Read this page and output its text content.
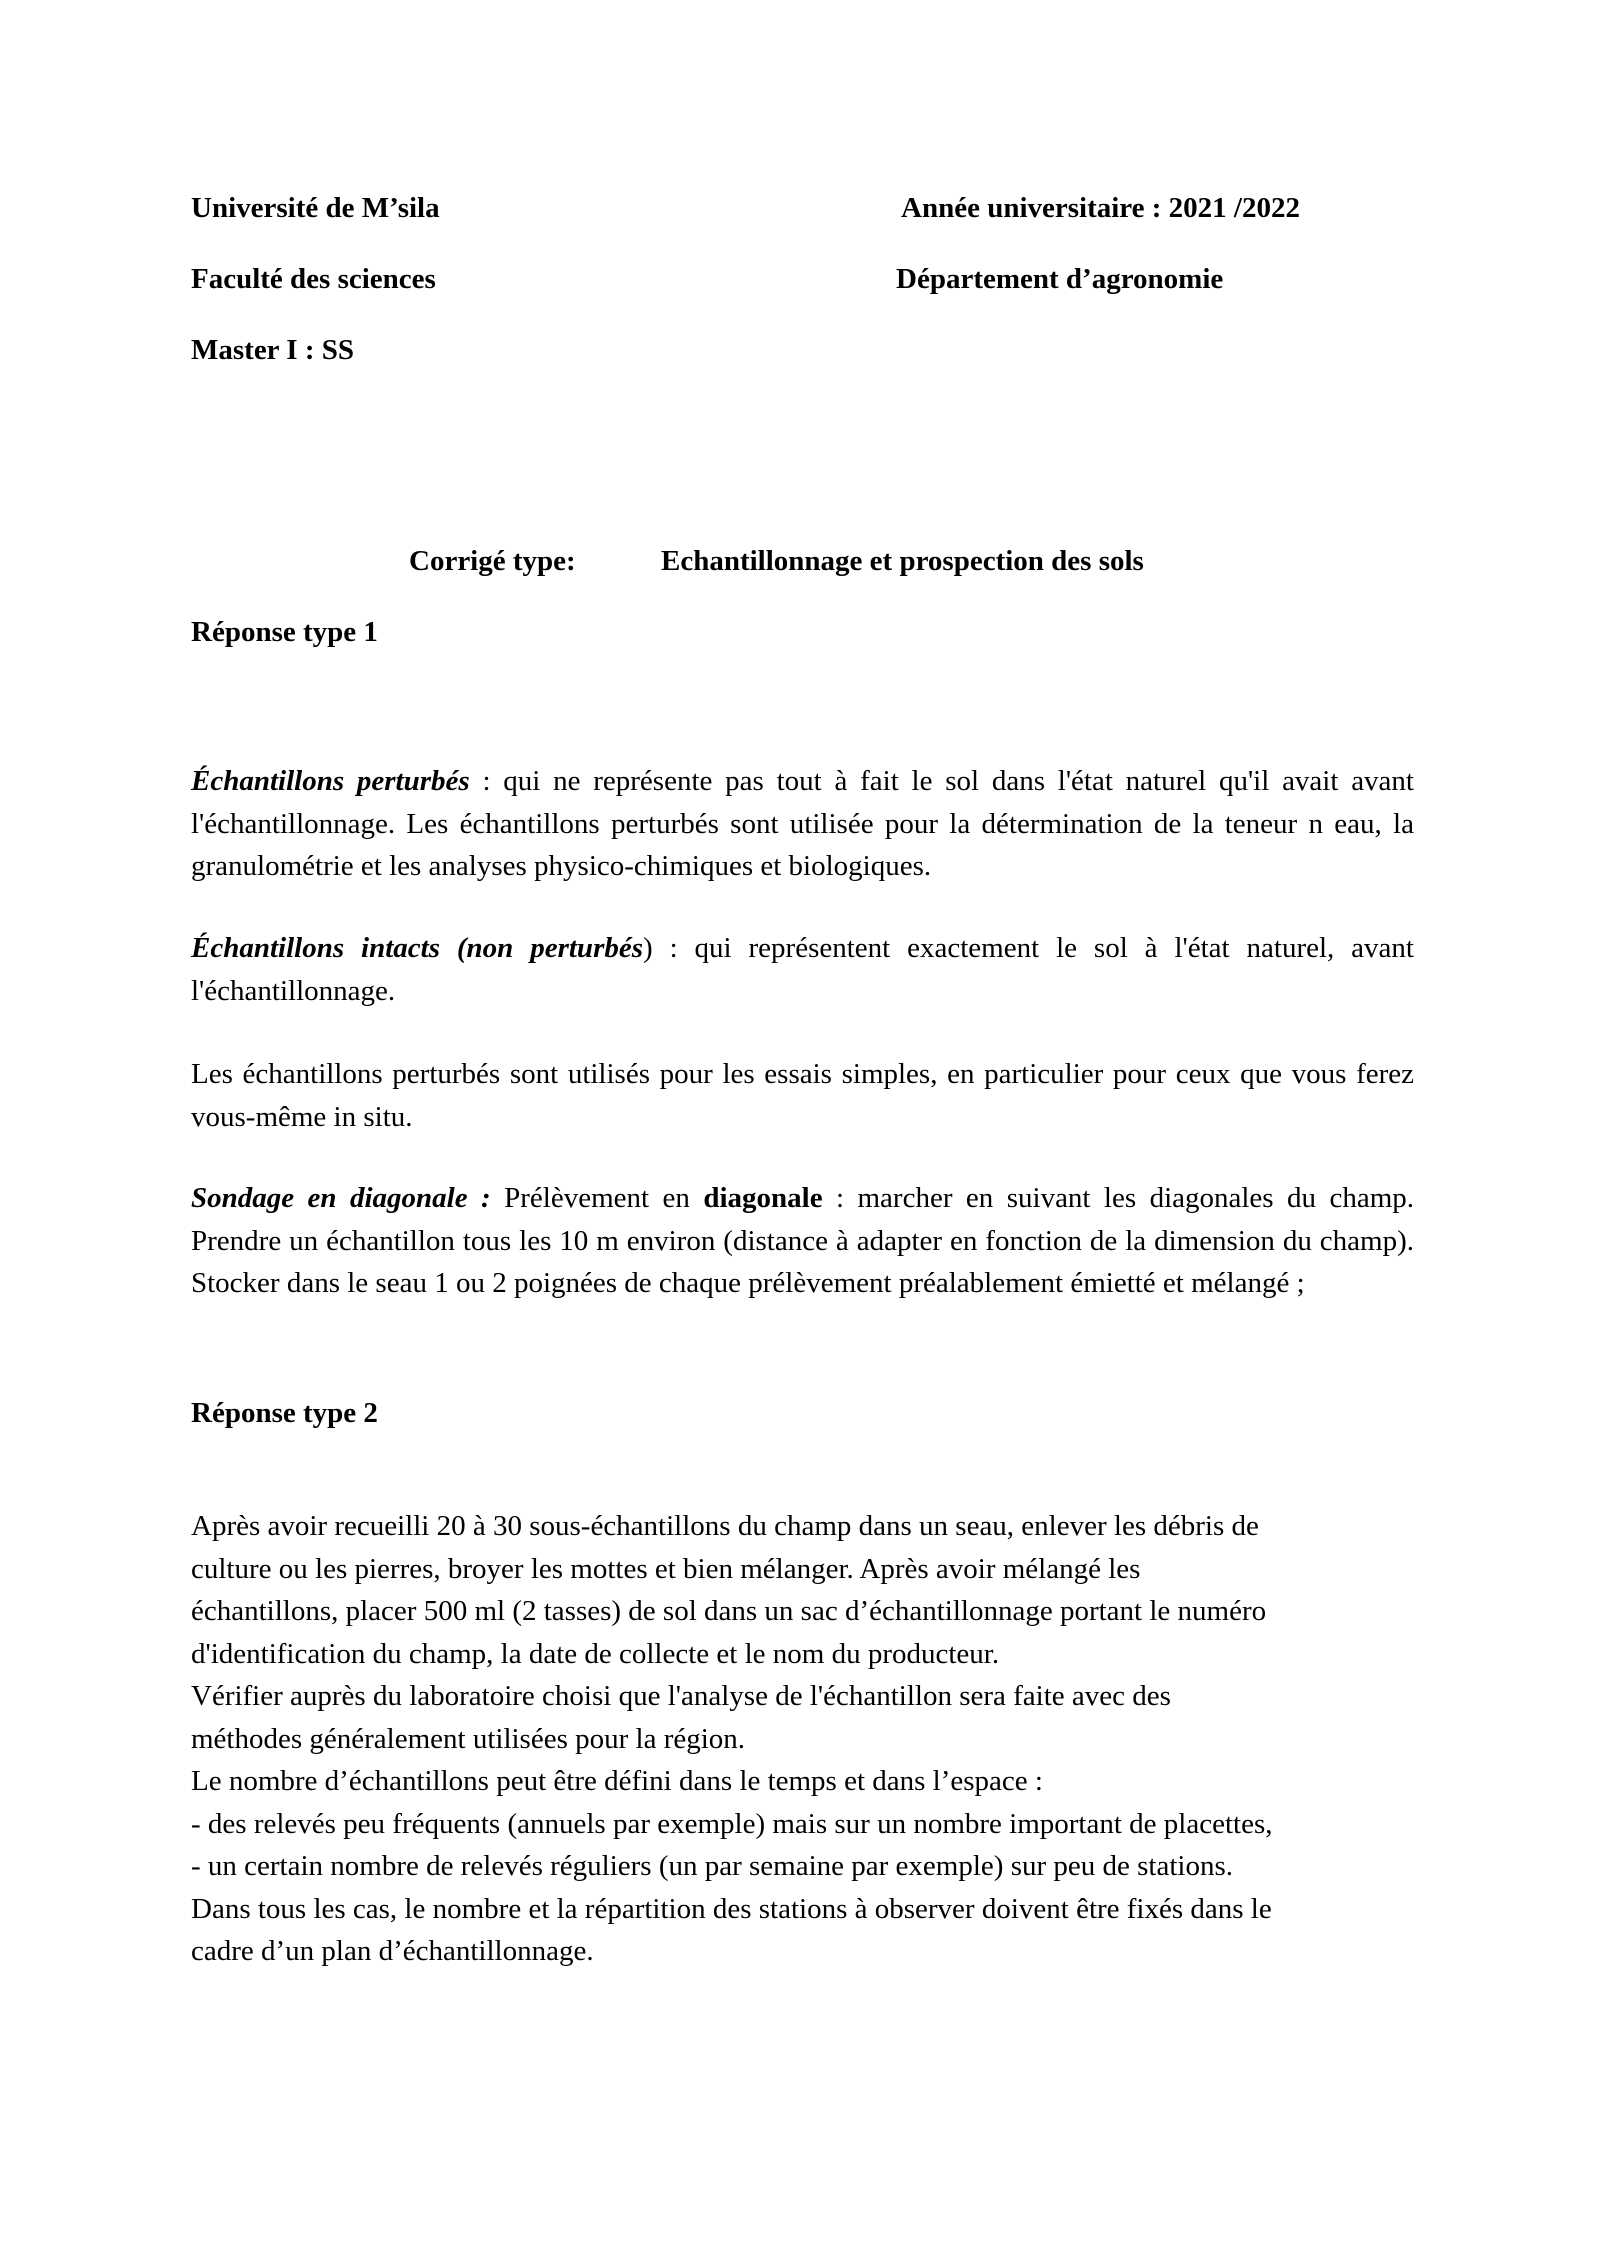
Université de M’sila	Année universitaire : 2021 /2022
Faculté des sciences	Département d’agronomie
Master I : SS
Corrigé type:	Echantillonnage et prospection des sols
Réponse type 1

Échantillons perturbés : qui ne représente pas tout à fait le sol dans l'état naturel qu'il avait avant l'échantillonnage. Les échantillons perturbés sont utilisée pour la détermination de la teneur n eau, la granulométrie et les analyses physico-chimiques et biologiques.

Échantillons intacts (non perturbés) : qui représentent exactement le sol à l'état naturel, avant l'échantillonnage.

Les échantillons perturbés sont utilisés pour les essais simples, en particulier pour ceux que vous ferez vous-même in situ.

Sondage en diagonale : Prélèvement en diagonale : marcher en suivant les diagonales du champ. Prendre un échantillon tous les 10 m environ (distance à adapter en fonction de la dimension du champ). Stocker dans le seau 1 ou 2 poignées de chaque prélèvement préalablement émietté et mélangé ;

Réponse type 2
Après avoir recueilli 20 à 30 sous-échantillons du champ dans un seau, enlever les débris de
culture ou les pierres, broyer les mottes et bien mélanger. Après avoir mélangé les
échantillons, placer 500 ml (2 tasses) de sol dans un sac d’échantillonnage portant le numéro
d'identification du champ, la date de collecte et le nom du producteur.
Vérifier auprès du laboratoire choisi que l'analyse de l'échantillon sera faite avec des
méthodes généralement utilisées pour la région.
Le nombre d’échantillons peut être défini dans le temps et dans l’espace :
- des relevés peu fréquents (annuels par exemple) mais sur un nombre important de placettes,
- un certain nombre de relevés réguliers (un par semaine par exemple) sur peu de stations.
Dans tous les cas, le nombre et la répartition des stations à observer doivent être fixés dans le
cadre d’un plan d’échantillonnage.
